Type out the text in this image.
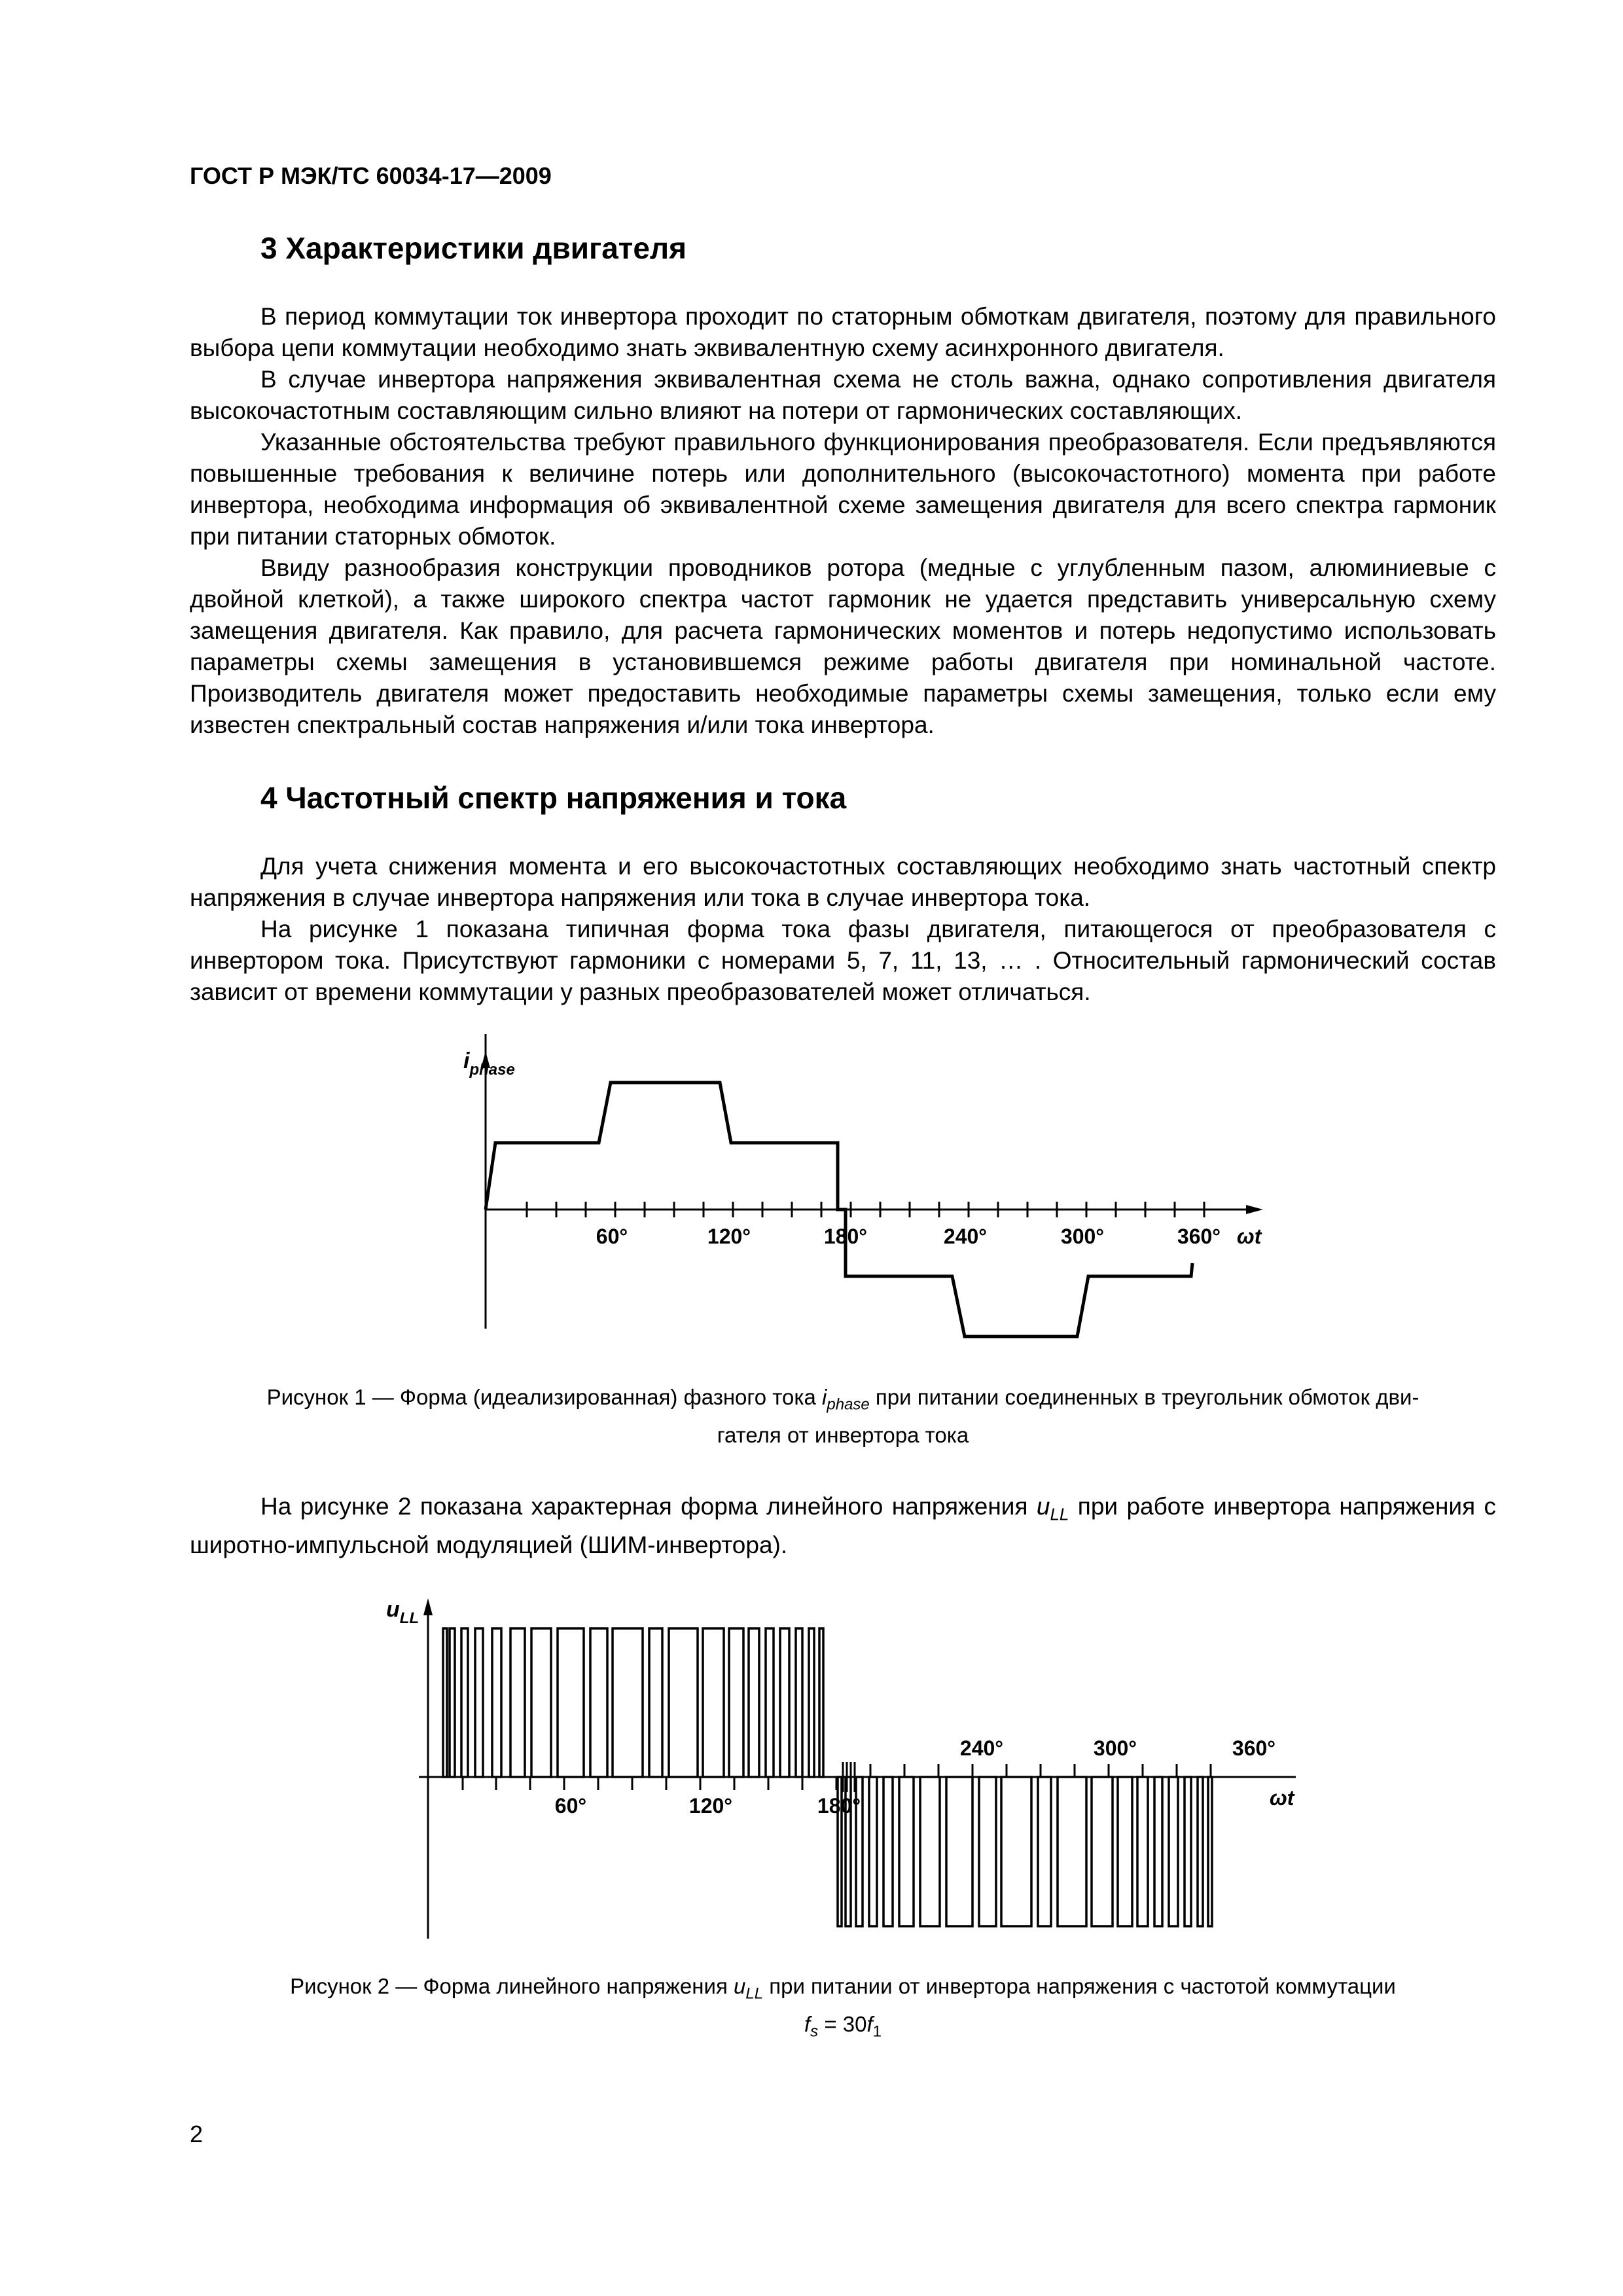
ГОСТ Р МЭК/ТС 60034-17—2009
3 Характеристики двигателя

В период коммутации ток инвертора проходит по статорным обмоткам двигателя, поэтому для правильного выбора цепи коммутации необходимо знать эквивалентную схему асинхронного двигателя.

В случае инвертора напряжения эквивалентная схема не столь важна, однако сопротивления двигателя высокочастотным составляющим сильно влияют на потери от гармонических составляющих.

Указанные обстоятельства требуют правильного функционирования преобразователя. Если предъявляются повышенные требования к величине потерь или дополнительного (высокочастотного) момента при работе инвертора, необходима информация об эквивалентной схеме замещения двигателя для всего спектра гармоник при питании статорных обмоток.

Ввиду разнообразия конструкции проводников ротора (медные с углубленным пазом, алюминиевые с двойной клеткой), а также широкого спектра частот гармоник не удается представить универсальную схему замещения двигателя. Как правило, для расчета гармонических моментов и потерь недопустимо использовать параметры схемы замещения в установившемся режиме работы двигателя при номинальной частоте. Производитель двигателя может предоставить необходимые параметры схемы замещения, только если ему известен спектральный состав напряжения и/или тока инвертора.

4 Частотный спектр напряжения и тока

Для учета снижения момента и его высокочастотных составляющих необходимо знать частотный спектр напряжения в случае инвертора напряжения или тока в случае инвертора тока.

На рисунке 1 показана типичная форма тока фазы двигателя, питающегося от преобразователя с инвертором тока. Присутствуют гармоники с номерами 5, 7, 11, 13, … . Относительный гармонический состав зависит от времени коммутации у разных преобразователей может отличаться.

$i_{phase}$
60°	120°	180°	240°	300°	360° ωt
Рисунок 1 — Форма (идеализированная) фазного тока $i_{phase}$ при питании соединенных в треугольник обмоток дви-
гателя от инвертора тока

На рисунке 2 показана характерная форма линейного напряжения $u_{LL}$ при работе инвертора напряжения с широтно-импульсной модуляцией (ШИМ-инвертора).

$u_{LL}$
60°	120°	180°
240°	300°	360°
ωt
Рисунок 2 — Форма линейного напряжения $u_{LL}$ при питании от инвертора напряжения с частотой коммутации
$f_s = 30f_1$
2
